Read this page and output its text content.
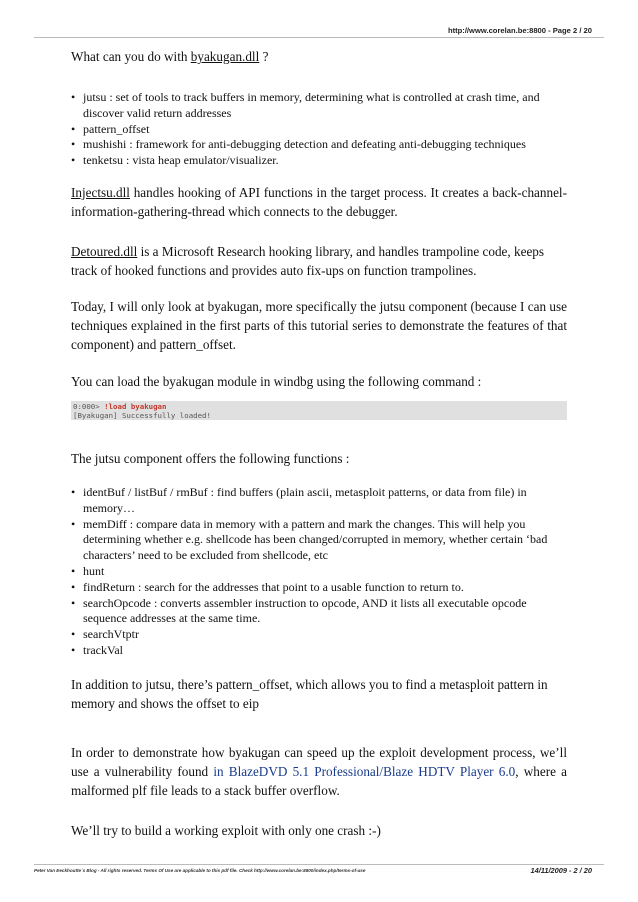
http://www.corelan.be:8800 - Page 2 / 20

What can you do with byakugan.dll ?

• jutsu : set of tools to track buffers in memory, determining what is controlled at crash time, and discover valid return addresses
• pattern_offset
• mushishi : framework for anti-debugging detection and defeating anti-debugging techniques
• tenketsu : vista heap emulator/visualizer.

Injectsu.dll handles hooking of API functions in the target process. It creates a back-channel-information-gathering-thread which connects to the debugger.

Detoured.dll is a Microsoft Research hooking library, and handles trampoline code, keeps track of hooked functions and provides auto fix-ups on function trampolines.

Today, I will only look at byakugan, more specifically the jutsu component (because I can use techniques explained in the first parts of this tutorial series to demonstrate the features of that component) and pattern_offset.

You can load the byakugan module in windbg using the following command :

0:000> !load byakugan
[Byakugan] Successfully loaded!

The jutsu component offers the following functions :

• identBuf / listBuf / rmBuf : find buffers (plain ascii, metasploit patterns, or data from file) in memory…
• memDiff : compare data in memory with a pattern and mark the changes. This will help you determining whether e.g. shellcode has been changed/corrupted in memory, whether certain ‘bad characters’ need to be excluded from shellcode, etc
• hunt
• findReturn : search for the addresses that point to a usable function to return to.
• searchOpcode : converts assembler instruction to opcode, AND it lists all executable opcode sequence addresses at the same time.
• searchVtptr
• trackVal

In addition to jutsu, there’s pattern_offset, which allows you to find a metasploit pattern in memory and shows the offset to eip

In order to demonstrate how byakugan can speed up the exploit development process, we’ll use a vulnerability found in BlazeDVD 5.1 Professional/Blaze HDTV Player 6.0, where a malformed plf file leads to a stack buffer overflow.

We’ll try to build a working exploit with only one crash :-)

Peter Van Eeckhoutte´s Blog - All rights reserved. Terms Of Use are applicable to this pdf file. Check http://www.corelan.be:8800/index.php/terms-of-use	14/11/2009 - 2 / 20
